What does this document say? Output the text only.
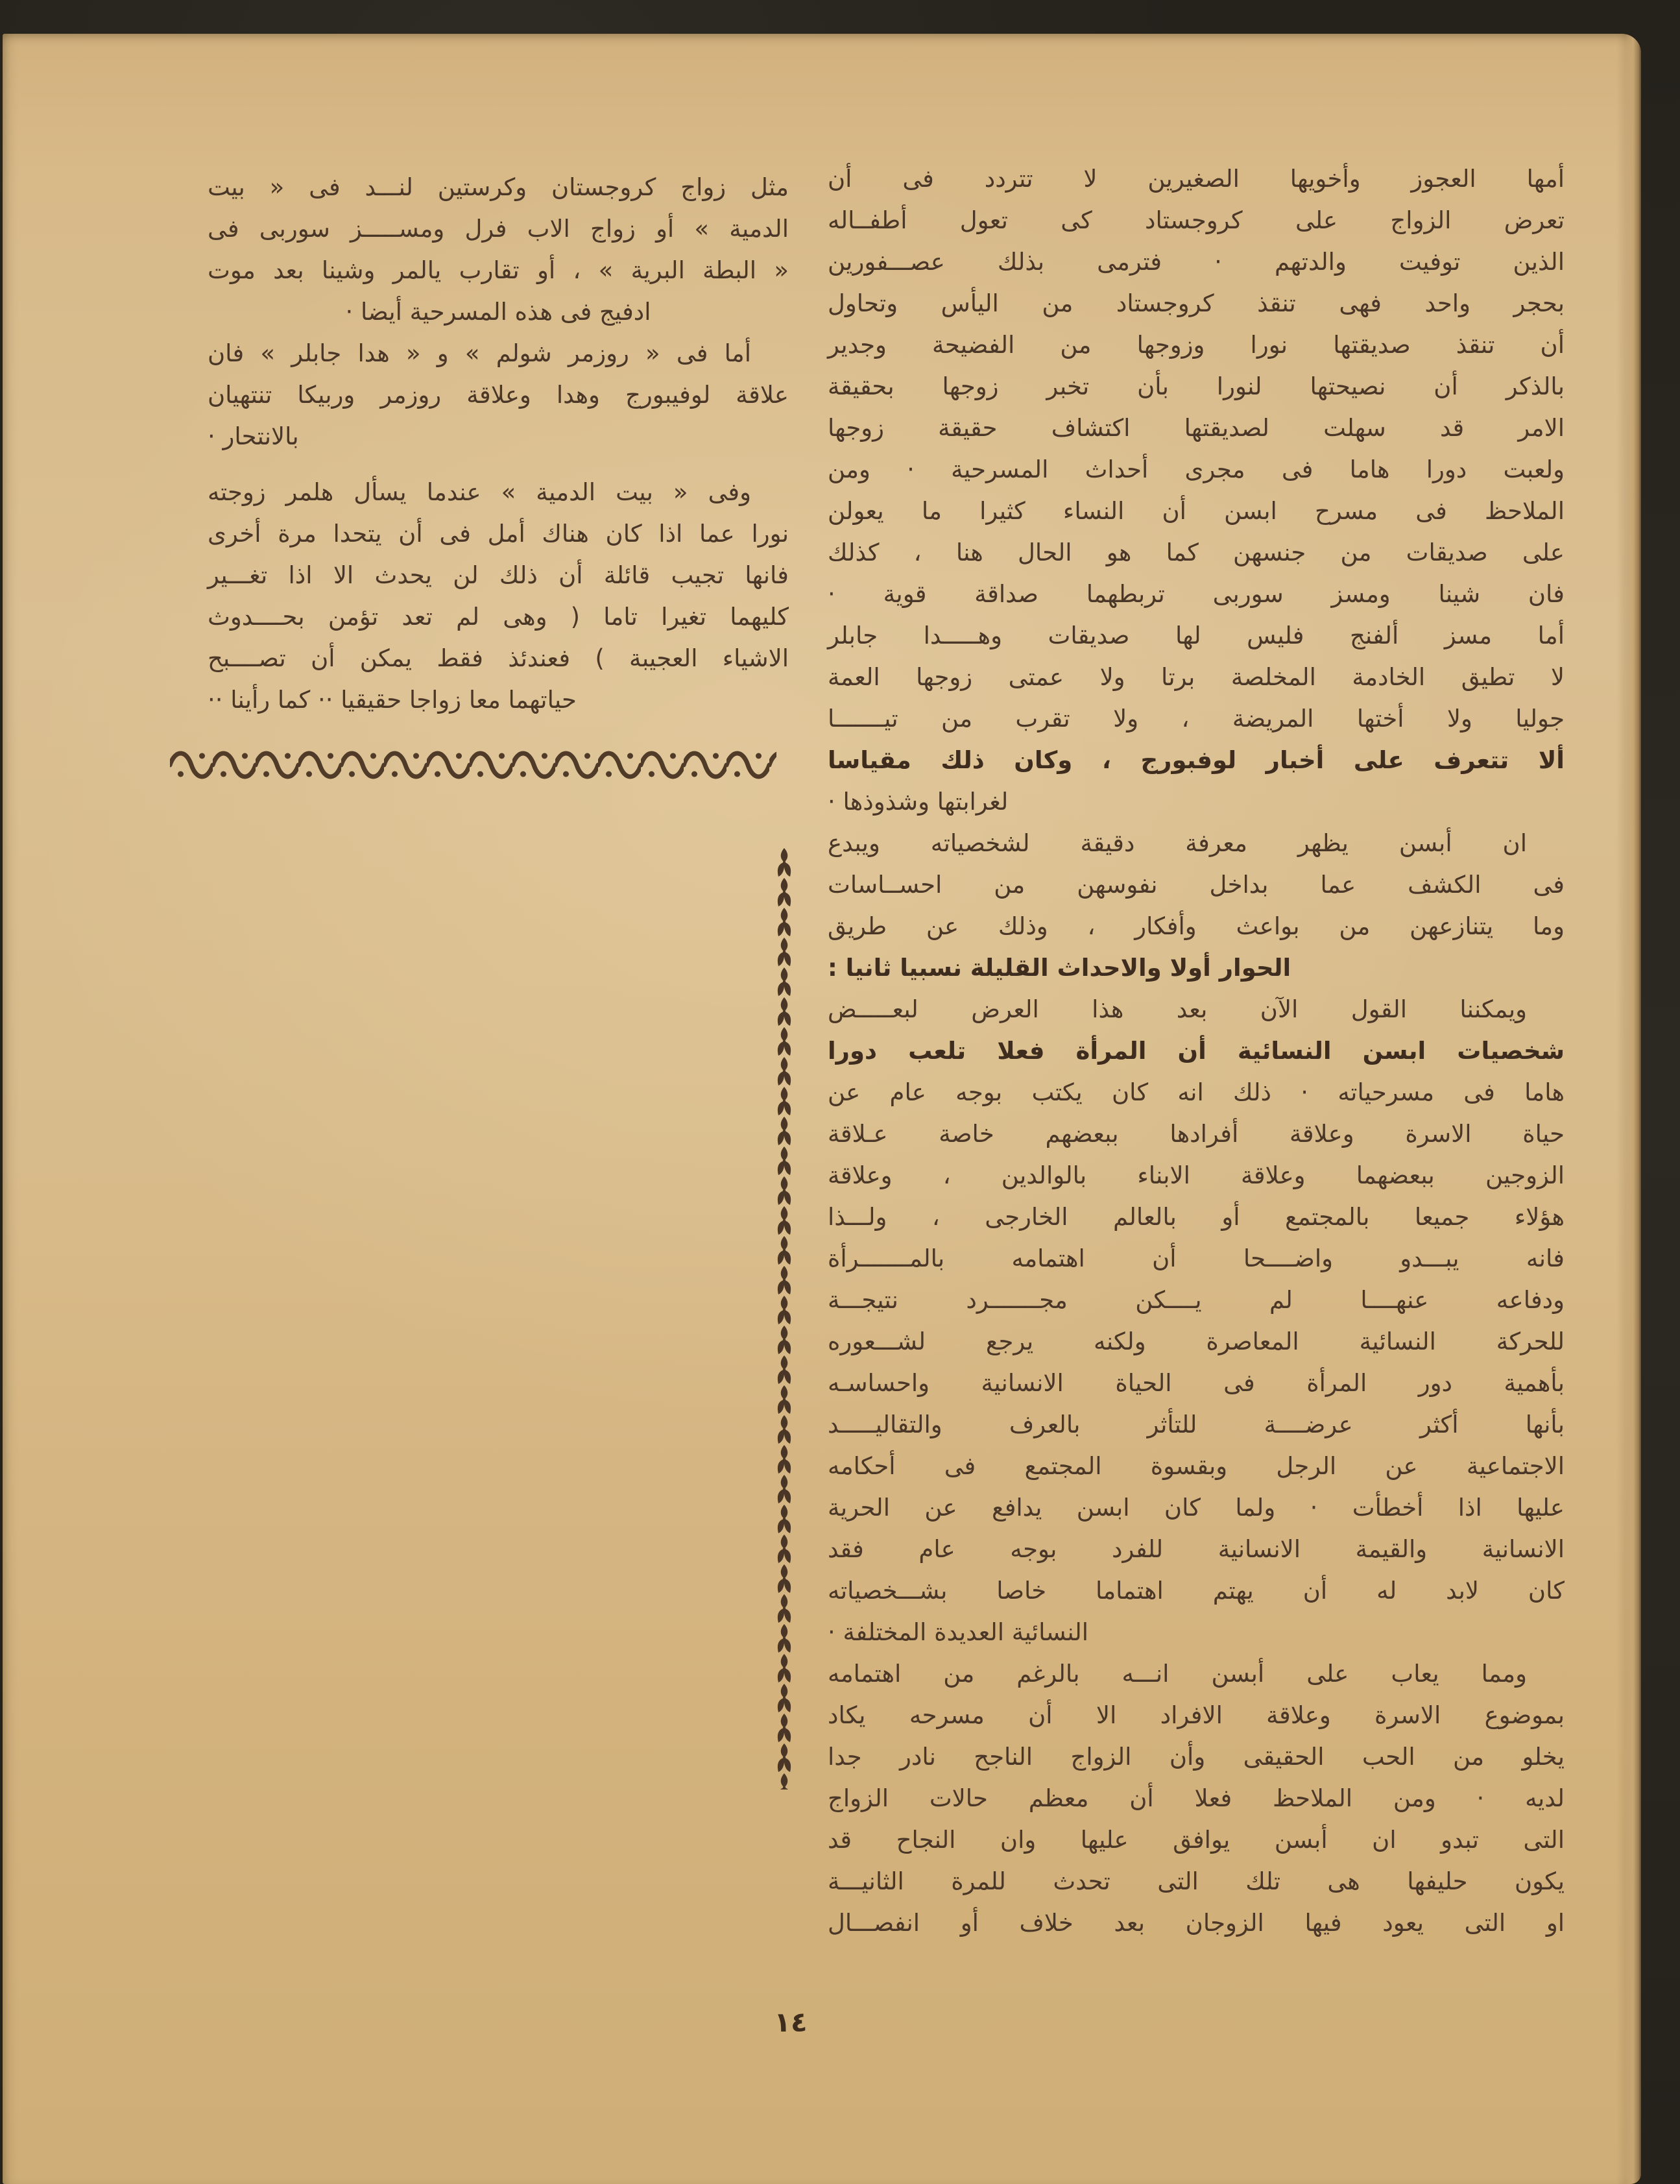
أمها العجوز وأخويها الصغيرين لا تتردد فى أن
تعرض الزواج على كروجستاد كى تعول أطفــاله
الذين توفيت والدتهم · فترمى بذلك عصـــفورين
بحجر واحد فهى تنقذ كروجستاد من اليأس وتحاول
أن تنقذ صديقتها نورا وزوجها من الفضيحة وجدير
بالذكر أن نصيحتها لنورا بأن تخبر زوجها بحقيقة
الامر قد سهلت لصديقتها اكتشاف حقيقة زوجها
ولعبت دورا هاما فى مجرى أحداث المسرحية · ومن
الملاحظ فى مسرح ابسن أن النساء كثيرا ما يعولن
على صديقات من جنسهن كما هو الحال هنا ، كذلك
فان شينا ومسز سوربى تربطهما صداقة قوية ·
أما مسز ألفنج فليس لها صديقات وهـــــدا جابلر
لا تطيق الخادمة المخلصة برتا ولا عمتى زوجها العمة
جوليا ولا أختها المريضة ، ولا تقرب من تيـــــــا
ألا تتعرف على أخبار لوفبورج ، وكان ذلك مقياسا
لغرابتها وشذوذها ·
ان أبسن يظهر معرفة دقيقة لشخصياته ويبدع
فى الكشف عما بداخل نفوسهن من احســاسات
وما يتنازعهن من بواعث وأفكار ، وذلك عن طريق
الحوار أولا والاحداث القليلة نسبيا ثانيا :
ويمكننا القول الآن بعد هذا العرض لبعـــــض
شخصيات ابسن النسائية أن المرأة فعلا تلعب دورا
هاما فى مسرحياته · ذلك انه كان يكتب بوجه عام عن
حياة الاسرة وعلاقة أفرادها ببعضهم خاصة عـلاقة
الزوجين ببعضهما وعلاقة الابناء بالوالدين ، وعلاقة
هؤلاء جميعا بالمجتمع أو بالعالم الخارجى ، ولـــذا
فانه يبـــدو واضــــحا أن اهتمامه بالمـــــــرأة
ودفاعه عنهــــا لم يــــكن مجـــــــرد نتيجـــة
للحركة النسائية المعاصرة ولكنه يرجع لشـــعوره
بأهمية دور المرأة فى الحياة الانسانية واحساسـه
بأنها أكثر عرضــــة للتأثر بالعرف والتقاليـــــد
الاجتماعية عن الرجل وبقسوة المجتمع فى أحكامه
عليها اذا أخطأت · ولما كان ابسن يدافع عن الحرية
الانسانية والقيمة الانسانية للفرد بوجه عام فقد
كان لابد له أن يهتم اهتماما خاصا بشـــخصياته
النسائية العديدة المختلفة ·
ومما يعاب على أبسن انـــه بالرغم من اهتمامه
بموضوع الاسرة وعلاقة الافراد الا أن مسرحه يكاد
يخلو من الحب الحقيقى وأن الزواج الناجح نادر جدا
لديه · ومن الملاحظ فعلا أن معظم حالات الزواج
التى تبدو ان أبسن يوافق عليها وان النجاح قد
يكون حليفها هى تلك التى تحدث للمرة الثانيـــة
او التى يعود فيها الزوجان بعد خلاف أو انفصـــال
مثل زواج كروجستان وكرستين لنـــد فى « بيت
الدمية » أو زواج الاب فرل ومســـــز سوربى فى
« البطة البرية » ، أو تقارب يالمر وشينا بعد موت
ادفيج فى هذه المسرحية أيضا ·
أما فى « روزمر شولم » و « هدا جابلر » فان
علاقة لوفيبورج وهدا وعلاقة روزمر وربيكا تنتهيان
بالانتحار ·
وفى « بيت الدمية » عندما يسأل هلمر زوجته
نورا عما اذا كان هناك أمل فى أن يتحدا مرة أخرى
فانها تجيب قائلة أن ذلك لن يحدث الا اذا تغـــير
كليهما تغيرا تاما ( وهى لم تعد تؤمن بحــــدوث
الاشياء العجيبة ) فعندئذ فقط يمكن أن تصــــبح
حياتهما معا زواجا حقيقيا ·· كما رأينا ··
١٤
